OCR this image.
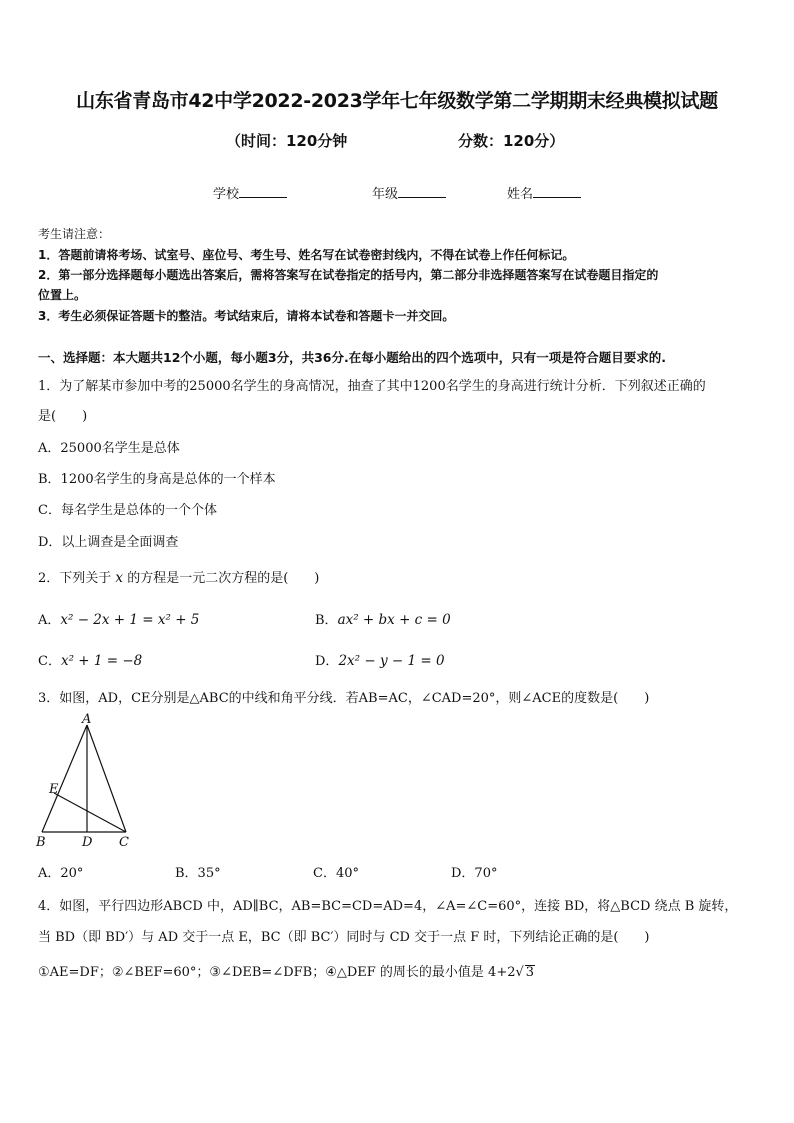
山东省青岛市42中学2022-2023学年七年级数学第二学期期末经典模拟试题
（时间：120分钟	分数：120分）
学校	年级	姓名
考生请注意：
1．答题前请将考场、试室号、座位号、考生号、姓名写在试卷密封线内，不得在试卷上作任何标记。
2．第一部分选择题每小题选出答案后，需将答案写在试卷指定的括号内，第二部分非选择题答案写在试卷题目指定的
位置上。
3．考生必须保证答题卡的整洁。考试结束后，请将本试卷和答题卡一并交回。
一、选择题：本大题共12个小题，每小题3分，共36分.在每小题给出的四个选项中，只有一项是符合题目要求的.
1．为了解某市参加中考的25000名学生的身高情况，抽查了其中1200名学生的身高进行统计分析．下列叙述正确的
是(　　)
A．25000名学生是总体
B．1200名学生的身高是总体的一个样本
C．每名学生是总体的一个个体
D．以上调查是全面调查
2．下列关于 x 的方程是一元二次方程的是(　　)
A．x² − 2x + 1 = x² + 5	B．ax² + bx + c = 0
C．x² + 1 = −8	D．2x² − y − 1 = 0
3．如图，AD，CE分别是△ABC的中线和角平分线．若AB=AC，∠CAD=20°，则∠ACE的度数是(　　)
A
B	D C
E
A．20°	B．35°	C．40°	D．70°
4．如图，平行四边形ABCD 中，AD∥BC，AB=BC=CD=AD=4，∠A=∠C=60°，连接 BD，将△BCD 绕点 B 旋转，
当 BD（即 BD′）与 AD 交于一点 E，BC（即 BC′）同时与 CD 交于一点 F 时，下列结论正确的是(　　)
①AE=DF；②∠BEF=60°；③∠DEB=∠DFB；④△DEF 的周长的最小值是 4+2√ 3
